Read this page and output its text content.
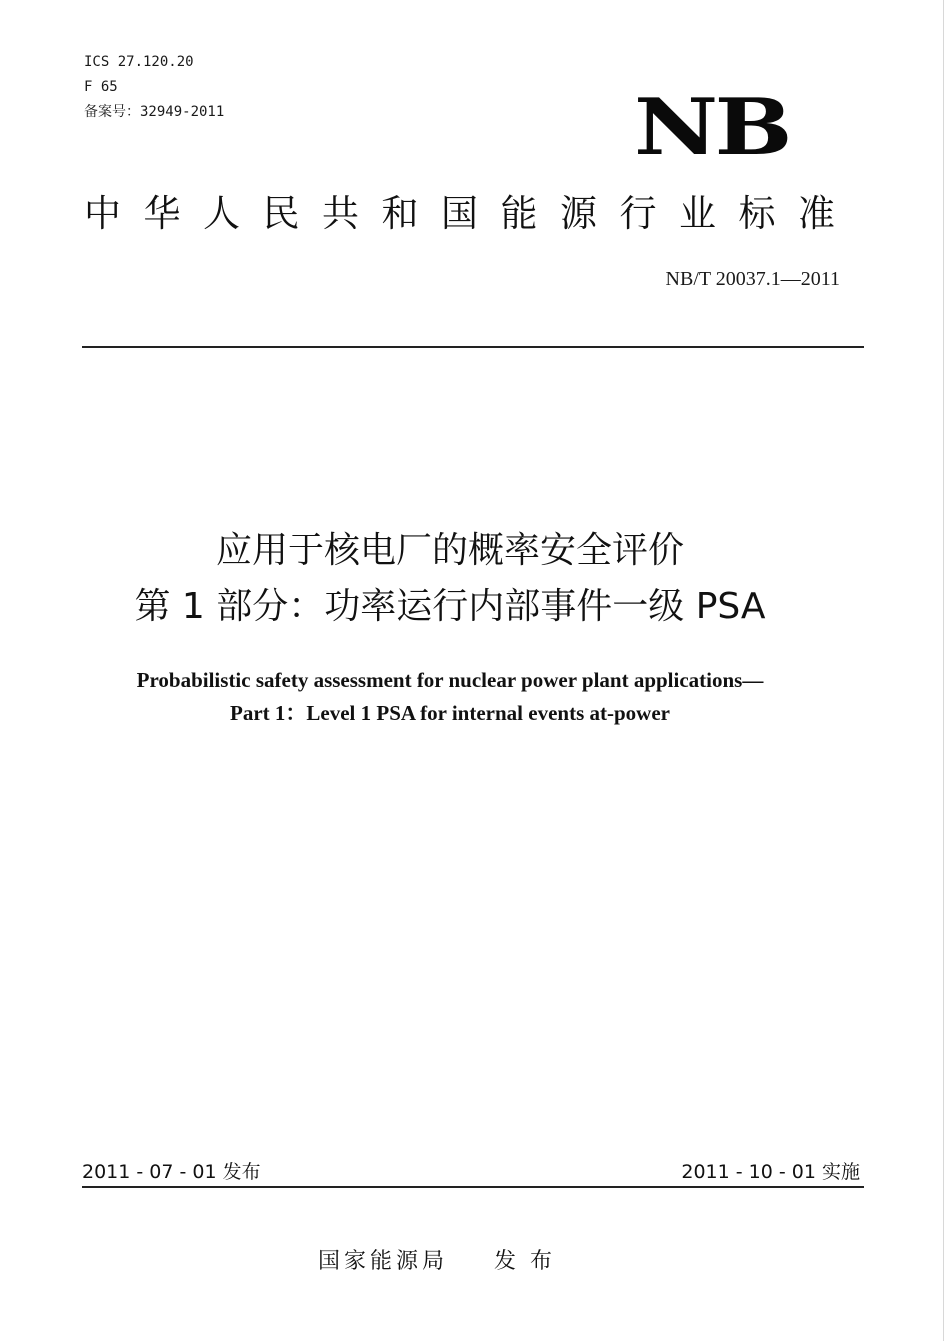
ICS 27.120.20
F 65
备案号：32949-2011	NB
中华人民共和国能源行业标准
NB/T 20037.1—2011
应用于核电厂的概率安全评价
第 1 部分：功率运行内部事件一级 PSA
Probabilistic safety assessment for nuclear power plant applications—
Part 1：Level 1 PSA for internal events at-power
2011 - 07 - 01 发布	2011 - 10 - 01 实施
国家能源局 发布
